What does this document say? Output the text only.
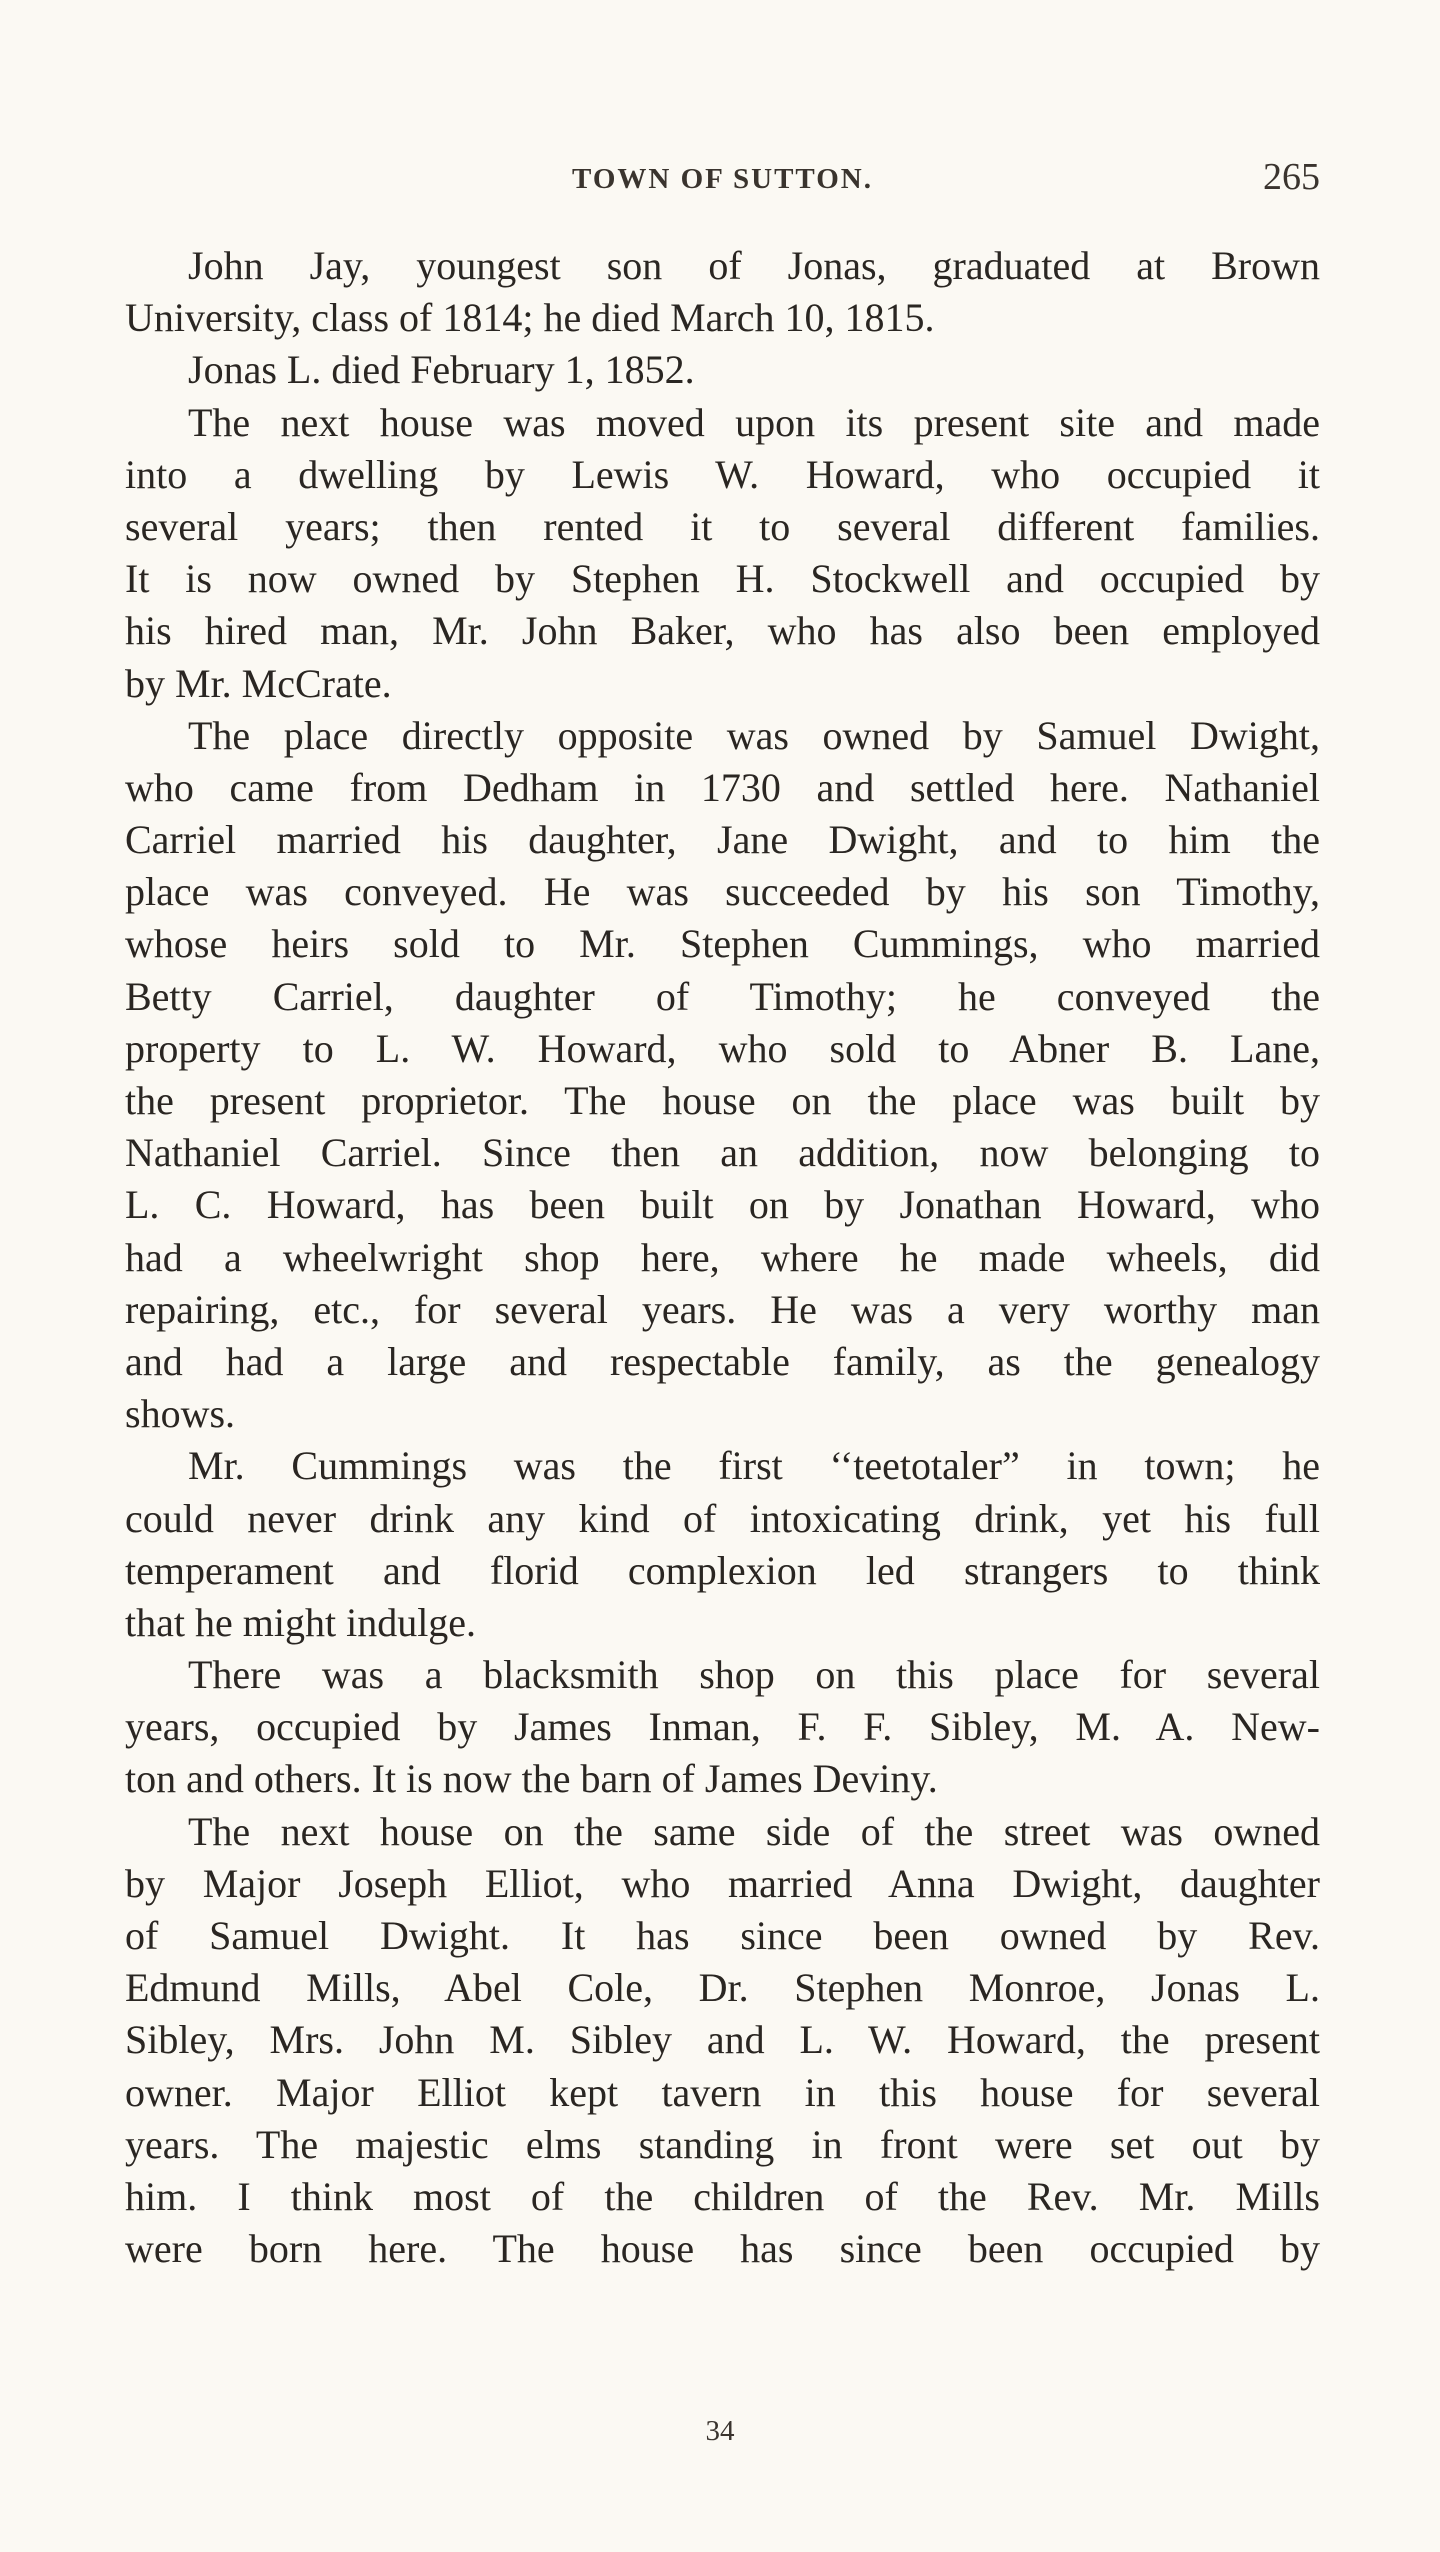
TOWN OF SUTTON.	265
John Jay, youngest son of Jonas, graduated at Brown
University, class of 1814; he died March 10, 1815.
Jonas L. died February 1, 1852.
The next house was moved upon its present site and made
into a dwelling by Lewis W. Howard, who occupied it
several years; then rented it to several different families.
It is now owned by Stephen H. Stockwell and occupied by
his hired man, Mr. John Baker, who has also been employed
by Mr. McCrate.
The place directly opposite was owned by Samuel Dwight,
who came from Dedham in 1730 and settled here. Nathaniel
Carriel married his daughter, Jane Dwight, and to him the
place was conveyed. He was succeeded by his son Timothy,
whose heirs sold to Mr. Stephen Cummings, who married
Betty Carriel, daughter of Timothy; he conveyed the
property to L. W. Howard, who sold to Abner B. Lane,
the present proprietor. The house on the place was built by
Nathaniel Carriel. Since then an addition, now belonging to
L. C. Howard, has been built on by Jonathan Howard, who
had a wheelwright shop here, where he made wheels, did
repairing, etc., for several years. He was a very worthy man
and had a large and respectable family, as the genealogy
shows.
Mr. Cummings was the first ‘‘teetotaler” in town; he
could never drink any kind of intoxicating drink, yet his full
temperament and florid complexion led strangers to think
that he might indulge.
There was a blacksmith shop on this place for several
years, occupied by James Inman, F. F. Sibley, M. A. New-
ton and others. It is now the barn of James Deviny.
The next house on the same side of the street was owned
by Major Joseph Elliot, who married Anna Dwight, daughter
of Samuel Dwight. It has since been owned by Rev.
Edmund Mills, Abel Cole, Dr. Stephen Monroe, Jonas L.
Sibley, Mrs. John M. Sibley and L. W. Howard, the present
owner. Major Elliot kept tavern in this house for several
years. The majestic elms standing in front were set out by
him. I think most of the children of the Rev. Mr. Mills
were born here. The house has since been occupied by
34
